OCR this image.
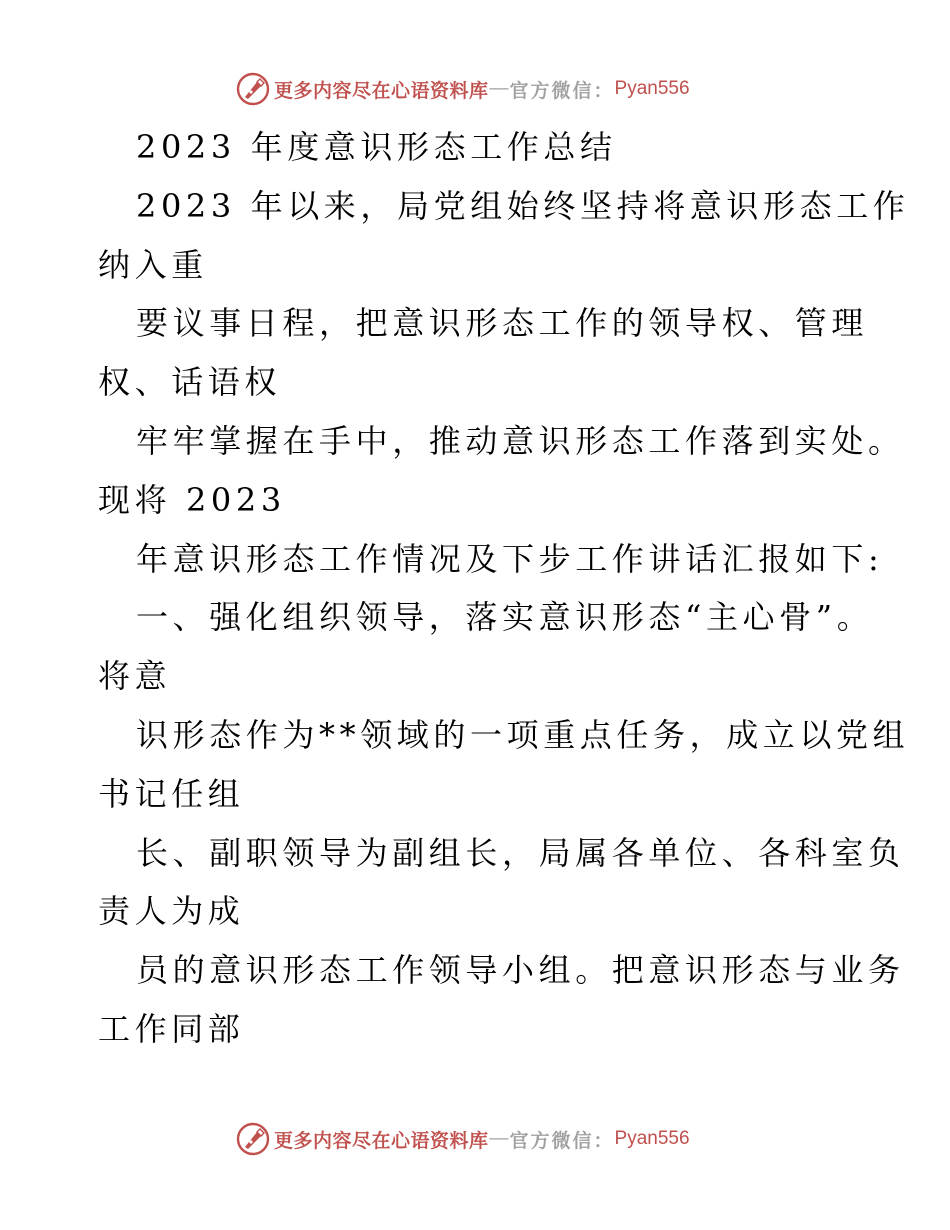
更多内容尽在心语资料库 — 官方微信： Pyan556
2023 年度意识形态工作总结
2023 年以来，局党组始终坚持将意识形态工作
纳入重
要议事日程，把意识形态工作的领导权、管理
权、话语权
牢牢掌握在手中，推动意识形态工作落到实处。
现将 2023
年意识形态工作情况及下步工作讲话汇报如下:
一、强化组织领导，落实意识形态“主心骨”。
将意
识形态作为**领域的一项重点任务，成立以党组
书记任组
长、副职领导为副组长，局属各单位、各科室负
责人为成
员的意识形态工作领导小组。把意识形态与业务
工作同部
更多内容尽在心语资料库 — 官方微信： Pyan556
